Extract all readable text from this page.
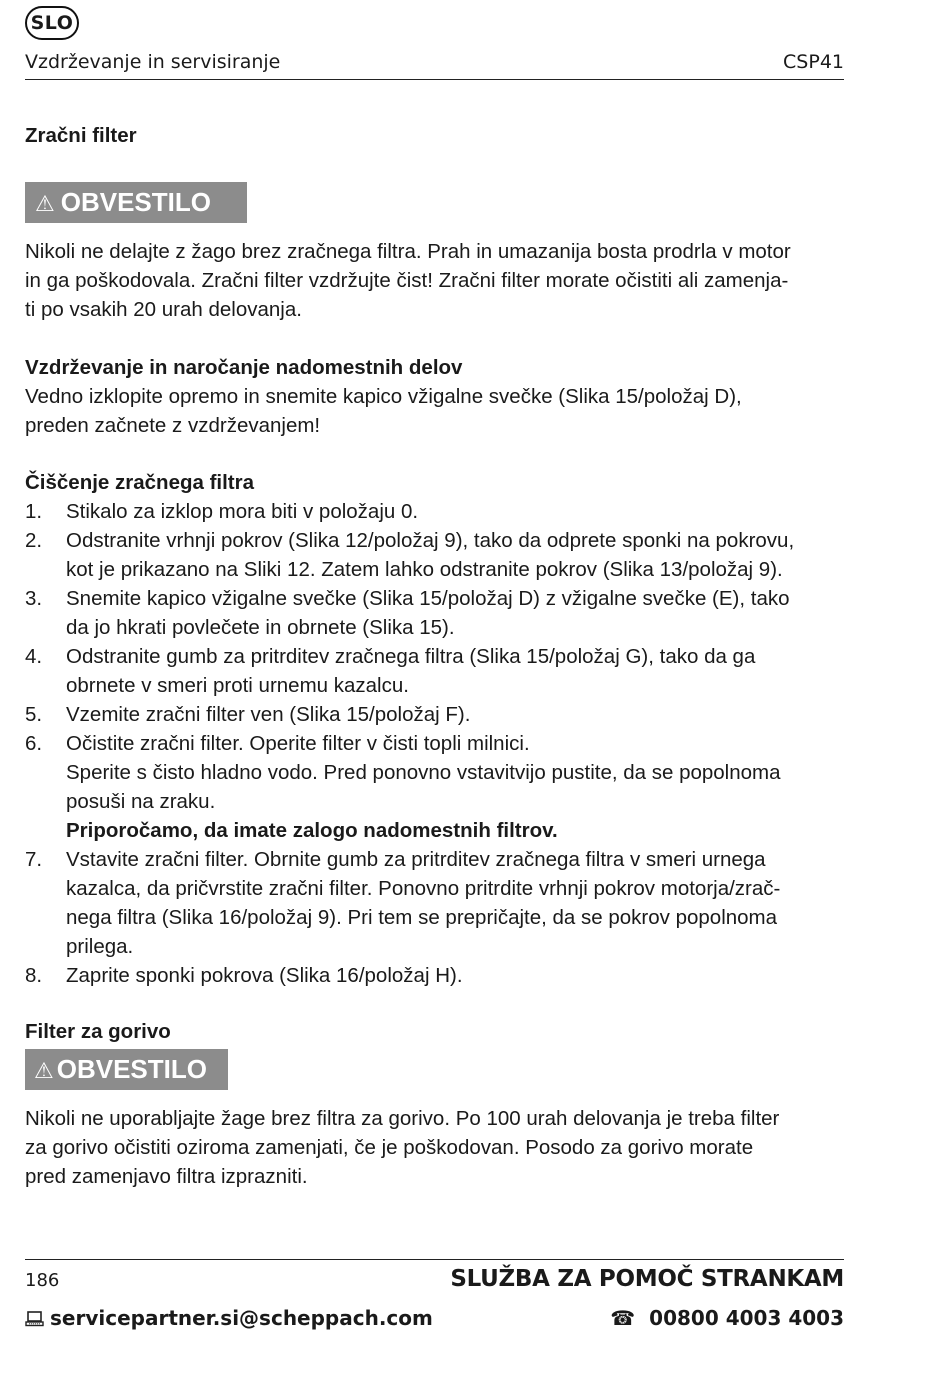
SLO
Vzdrževanje in servisiranje	CSP41
Zračni filter
⚠ OBVESTILO
Nikoli ne delajte z žago brez zračnega filtra. Prah in umazanija bosta prodrla v motor
in ga poškodovala. Zračni filter vzdržujte čist! Zračni filter morate očistiti ali zamenja-
ti po vsakih 20 urah delovanja.
Vzdrževanje in naročanje nadomestnih delov
Vedno izklopite opremo in snemite kapico vžigalne svečke (Slika 15/položaj D),
preden začnete z vzdrževanjem!
Čiščenje zračnega filtra
1.	Stikalo za izklop mora biti v položaju 0.
2.	Odstranite vrhnji pokrov (Slika 12/položaj 9), tako da odprete sponki na pokrovu,
kot je prikazano na Sliki 12. Zatem lahko odstranite pokrov (Slika 13/položaj 9).
3.	Snemite kapico vžigalne svečke (Slika 15/položaj D) z vžigalne svečke (E), tako
da jo hkrati povlečete in obrnete (Slika 15).
4.	Odstranite gumb za pritrditev zračnega filtra (Slika 15/položaj G), tako da ga
obrnete v smeri proti urnemu kazalcu.
5.	Vzemite zračni filter ven (Slika 15/položaj F).
6.	Očistite zračni filter. Operite filter v čisti topli milnici.
Sperite s čisto hladno vodo. Pred ponovno vstavitvijo pustite, da se popolnoma
posuši na zraku.
Priporočamo, da imate zalogo nadomestnih filtrov.
7.	Vstavite zračni filter. Obrnite gumb za pritrditev zračnega filtra v smeri urnega
kazalca, da pričvrstite zračni filter. Ponovno pritrdite vrhnji pokrov motorja/zrač-
nega filtra (Slika 16/položaj 9). Pri tem se prepričajte, da se pokrov popolnoma
prilega.
8.	Zaprite sponki pokrova (Slika 16/položaj H).
Filter za gorivo
⚠ OBVESTILO
Nikoli ne uporabljajte žage brez filtra za gorivo. Po 100 urah delovanja je treba filter
za gorivo očistiti oziroma zamenjati, če je poškodovan. Posodo za gorivo morate
pred zamenjavo filtra izprazniti.
186	SLUŽBA ZA POMOČ STRANKAM
servicepartner.si@scheppach.com	☎ 00800 4003 4003
